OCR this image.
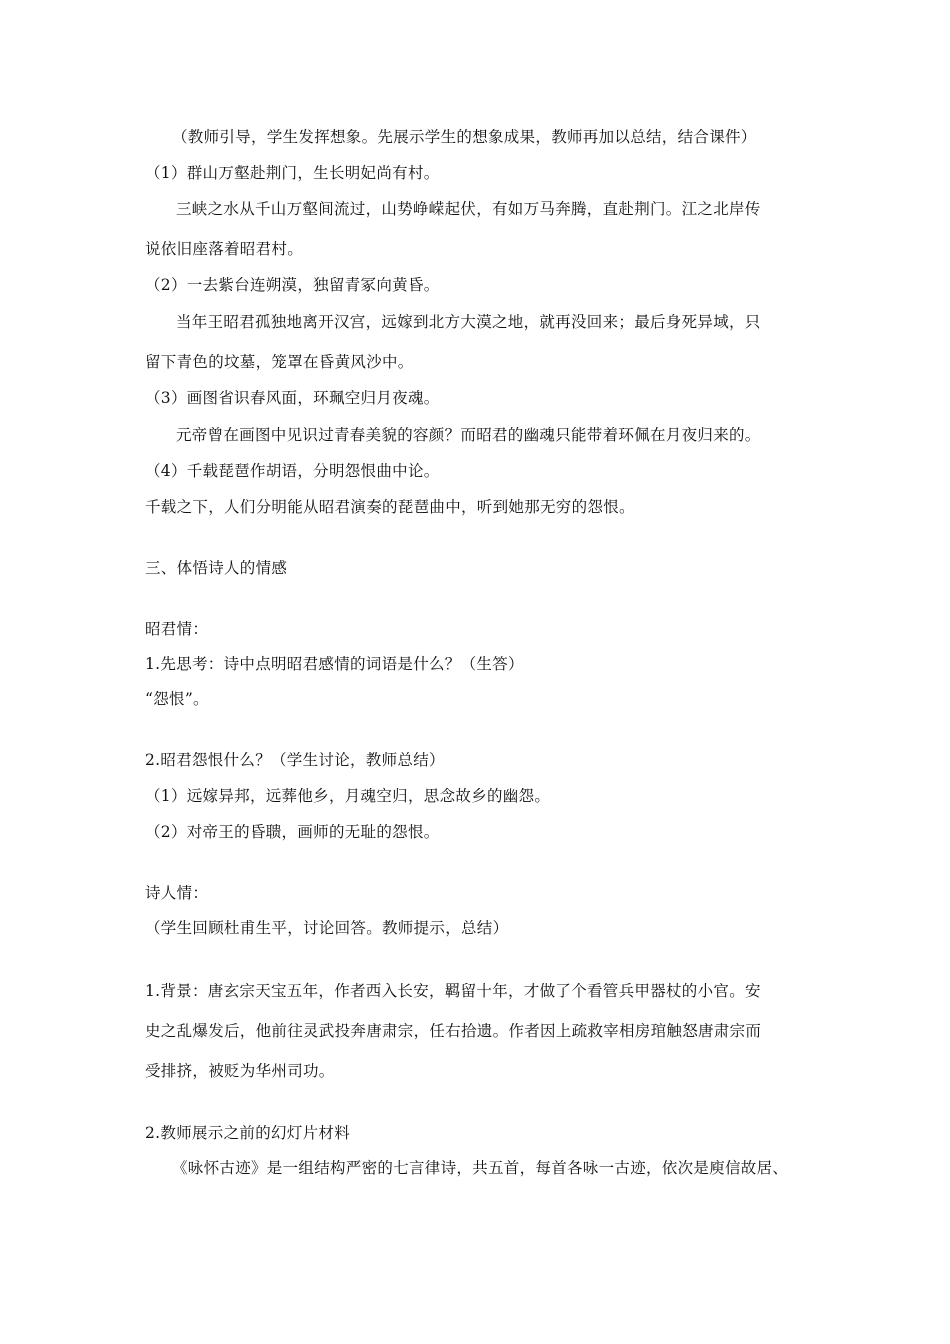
（教师引导，学生发挥想象。先展示学生的想象成果，教师再加以总结，结合课件）
（1）群山万壑赴荆门，生长明妃尚有村。
三峡之水从千山万壑间流过，山势峥嵘起伏，有如万马奔腾，直赴荆门。江之北岸传
说依旧座落着昭君村。
（2）一去紫台连朔漠，独留青冢向黄昏。
当年王昭君孤独地离开汉宫，远嫁到北方大漠之地，就再没回来；最后身死异域，只
留下青色的坟墓，笼罩在昏黄风沙中。
（3）画图省识春风面，环珮空归月夜魂。
元帝曾在画图中见识过青春美貌的容颜？而昭君的幽魂只能带着环佩在月夜归来的。
（4）千载琵琶作胡语，分明怨恨曲中论。
千载之下，人们分明能从昭君演奏的琵琶曲中，听到她那无穷的怨恨。
三、体悟诗人的情感
昭君情：
1.先思考：诗中点明昭君感情的词语是什么？（生答）
“怨恨”。
2.昭君怨恨什么？（学生讨论，教师总结）
（1）远嫁异邦，远葬他乡，月魂空归，思念故乡的幽怨。
（2）对帝王的昏聩，画师的无耻的怨恨。
诗人情：
（学生回顾杜甫生平，讨论回答。教师提示，总结）
1.背景：唐玄宗天宝五年，作者西入长安，羁留十年，才做了个看管兵甲器杖的小官。安
史之乱爆发后，他前往灵武投奔唐肃宗，任右拾遗。作者因上疏救宰相房琯触怒唐肃宗而
受排挤，被贬为华州司功。
2.教师展示之前的幻灯片材料
《咏怀古迹》是一组结构严密的七言律诗，共五首，每首各咏一古迹，依次是庾信故居、
